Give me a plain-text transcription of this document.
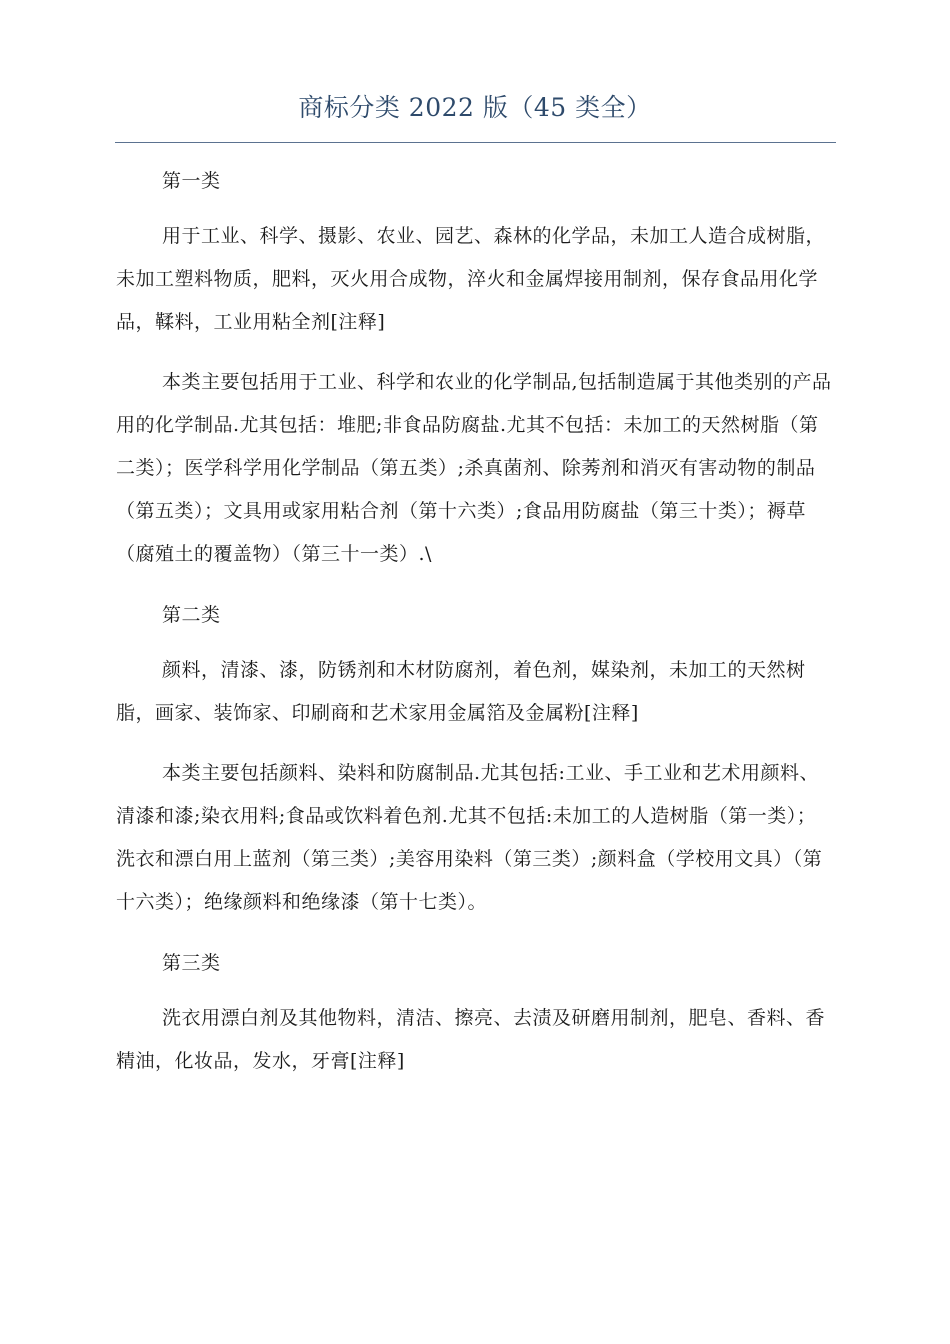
商标分类 2022 版（45 类全）

第一类

用于工业、科学、摄影、农业、园艺、森林的化学品，未加工人造合成树脂，未加工塑料物质，肥料，灭火用合成物，淬火和金属焊接用制剂，保存食品用化学品，鞣料，工业用粘全剂[注释]

本类主要包括用于工业、科学和农业的化学制品,包括制造属于其他类别的产品用的化学制品.尤其包括：堆肥;非食品防腐盐.尤其不包括：未加工的天然树脂（第二类）；医学科学用化学制品（第五类）;杀真菌剂、除莠剂和消灭有害动物的制品（第五类）；文具用或家用粘合剂（第十六类）;食品用防腐盐（第三十类）；褥草（腐殖土的覆盖物）（第三十一类）.\

第二类

颜料，清漆、漆，防锈剂和木材防腐剂，着色剂，媒染剂，未加工的天然树脂，画家、装饰家、印刷商和艺术家用金属箔及金属粉[注释]

本类主要包括颜料、染料和防腐制品.尤其包括:工业、手工业和艺术用颜料、清漆和漆;染衣用料;食品或饮料着色剂.尤其不包括:未加工的人造树脂（第一类）；洗衣和漂白用上蓝剂（第三类）;美容用染料（第三类）;颜料盒（学校用文具）（第十六类）；绝缘颜料和绝缘漆（第十七类）。

第三类

洗衣用漂白剂及其他物料，清洁、擦亮、去渍及研磨用制剂，肥皂、香料、香精油，化妆品，发水，牙膏[注释]
